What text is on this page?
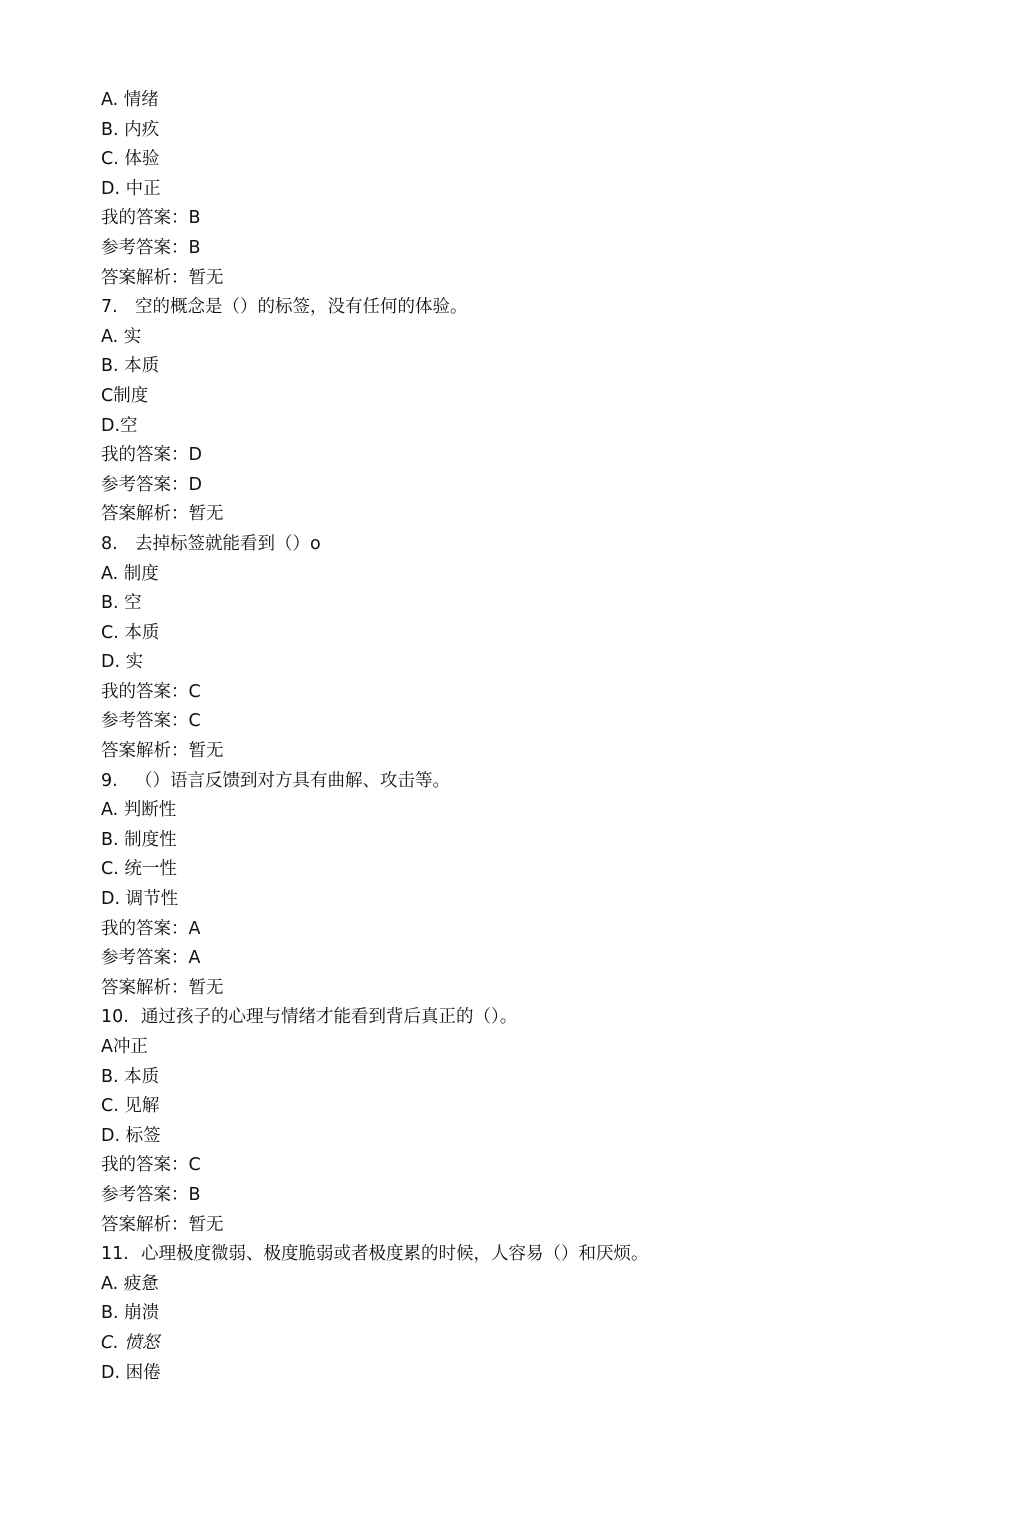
A. 情绪
B. 内疚
C. 体验
D. 中正
我的答案：B
参考答案：B
答案解析：暂无
7. 空的概念是（）的标签，没有任何的体验。
A. 实
B. 本质
C制度
D.空
我的答案：D
参考答案：D
答案解析：暂无
8. 去掉标签就能看到（）o
A. 制度
B. 空
C. 本质
D. 实
我的答案：C
参考答案：C
答案解析：暂无
9. （）语言反馈到对方具有曲解、攻击等。
A. 判断性
B. 制度性
C. 统一性
D. 调节性
我的答案：A
参考答案：A
答案解析：暂无
10. 通过孩子的心理与情绪才能看到背后真正的（）。
A冲正
B. 本质
C. 见解
D. 标签
我的答案：C
参考答案：B
答案解析：暂无
11. 心理极度微弱、极度脆弱或者极度累的时候，人容易（）和厌烦。
A. 疲惫
B. 崩溃
C. 愤怒
D. 困倦
